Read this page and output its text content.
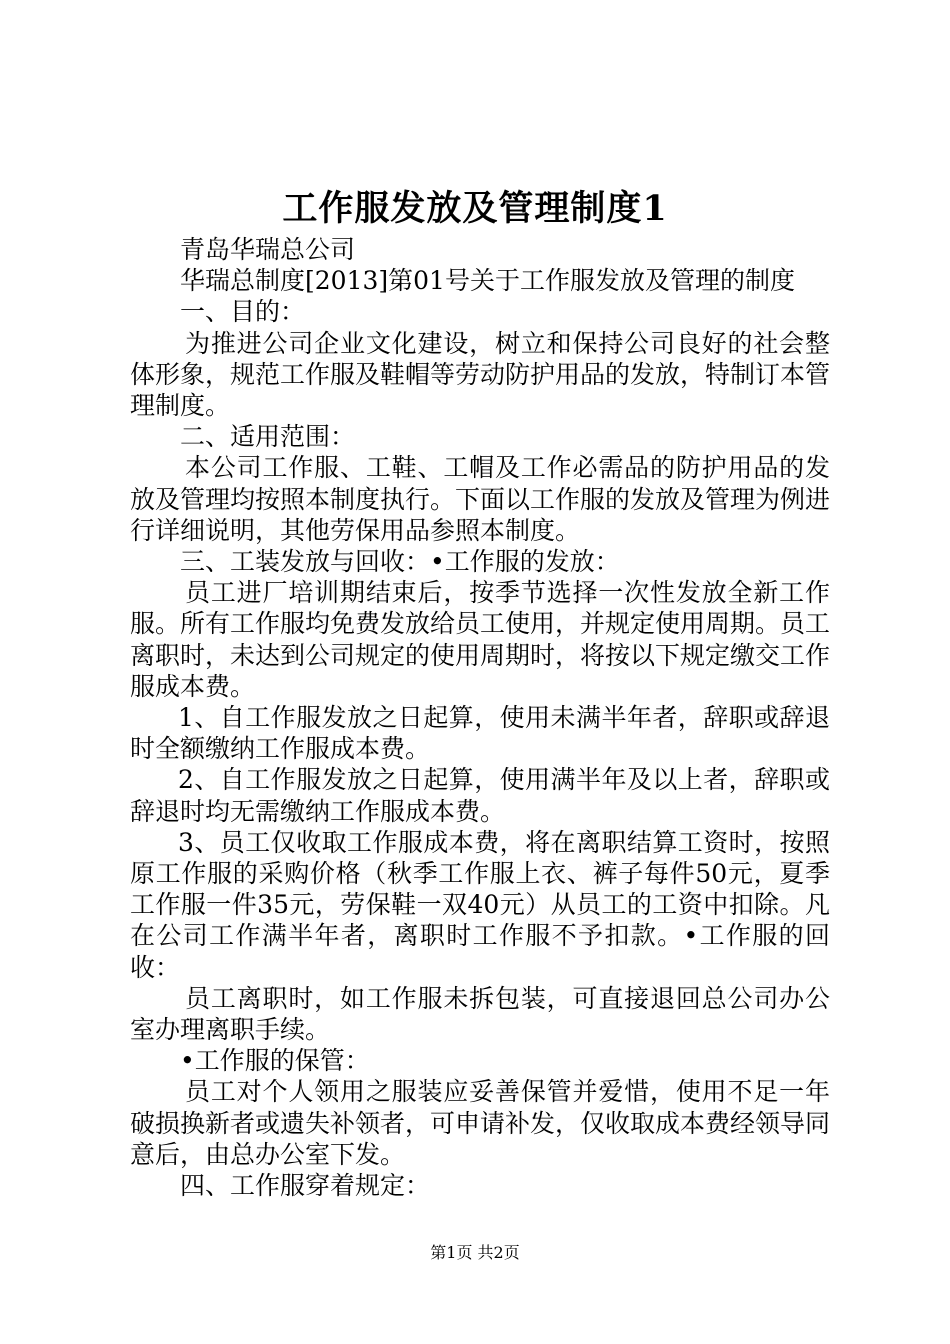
工作服发放及管理制度1

青岛华瑞总公司

华瑞总制度[2013]第01号关于工作服发放及管理的制度

一、目的：

为推进公司企业文化建设，树立和保持公司良好的社会整体形象，规范工作服及鞋帽等劳动防护用品的发放，特制订本管理制度。

二、适用范围：

本公司工作服、工鞋、工帽及工作必需品的防护用品的发放及管理均按照本制度执行。下面以工作服的发放及管理为例进行详细说明，其他劳保用品参照本制度。

三、工装发放与回收：•工作服的发放：

员工进厂培训期结束后，按季节选择一次性发放全新工作服。所有工作服均免费发放给员工使用，并规定使用周期。员工离职时，未达到公司规定的使用周期时，将按以下规定缴交工作服成本费。

1、自工作服发放之日起算，使用未满半年者，辞职或辞退时全额缴纳工作服成本费。

2、自工作服发放之日起算，使用满半年及以上者，辞职或辞退时均无需缴纳工作服成本费。

3、员工仅收取工作服成本费，将在离职结算工资时，按照原工作服的采购价格（秋季工作服上衣、裤子每件50元，夏季工作服一件35元，劳保鞋一双40元）从员工的工资中扣除。凡在公司工作满半年者，离职时工作服不予扣款。•工作服的回收：

员工离职时，如工作服未拆包装，可直接退回总公司办公室办理离职手续。

•工作服的保管：

员工对个人领用之服装应妥善保管并爱惜，使用不足一年破损换新者或遗失补领者，可申请补发，仅收取成本费经领导同意后，由总办公室下发。

四、工作服穿着规定：

第1页 共2页
